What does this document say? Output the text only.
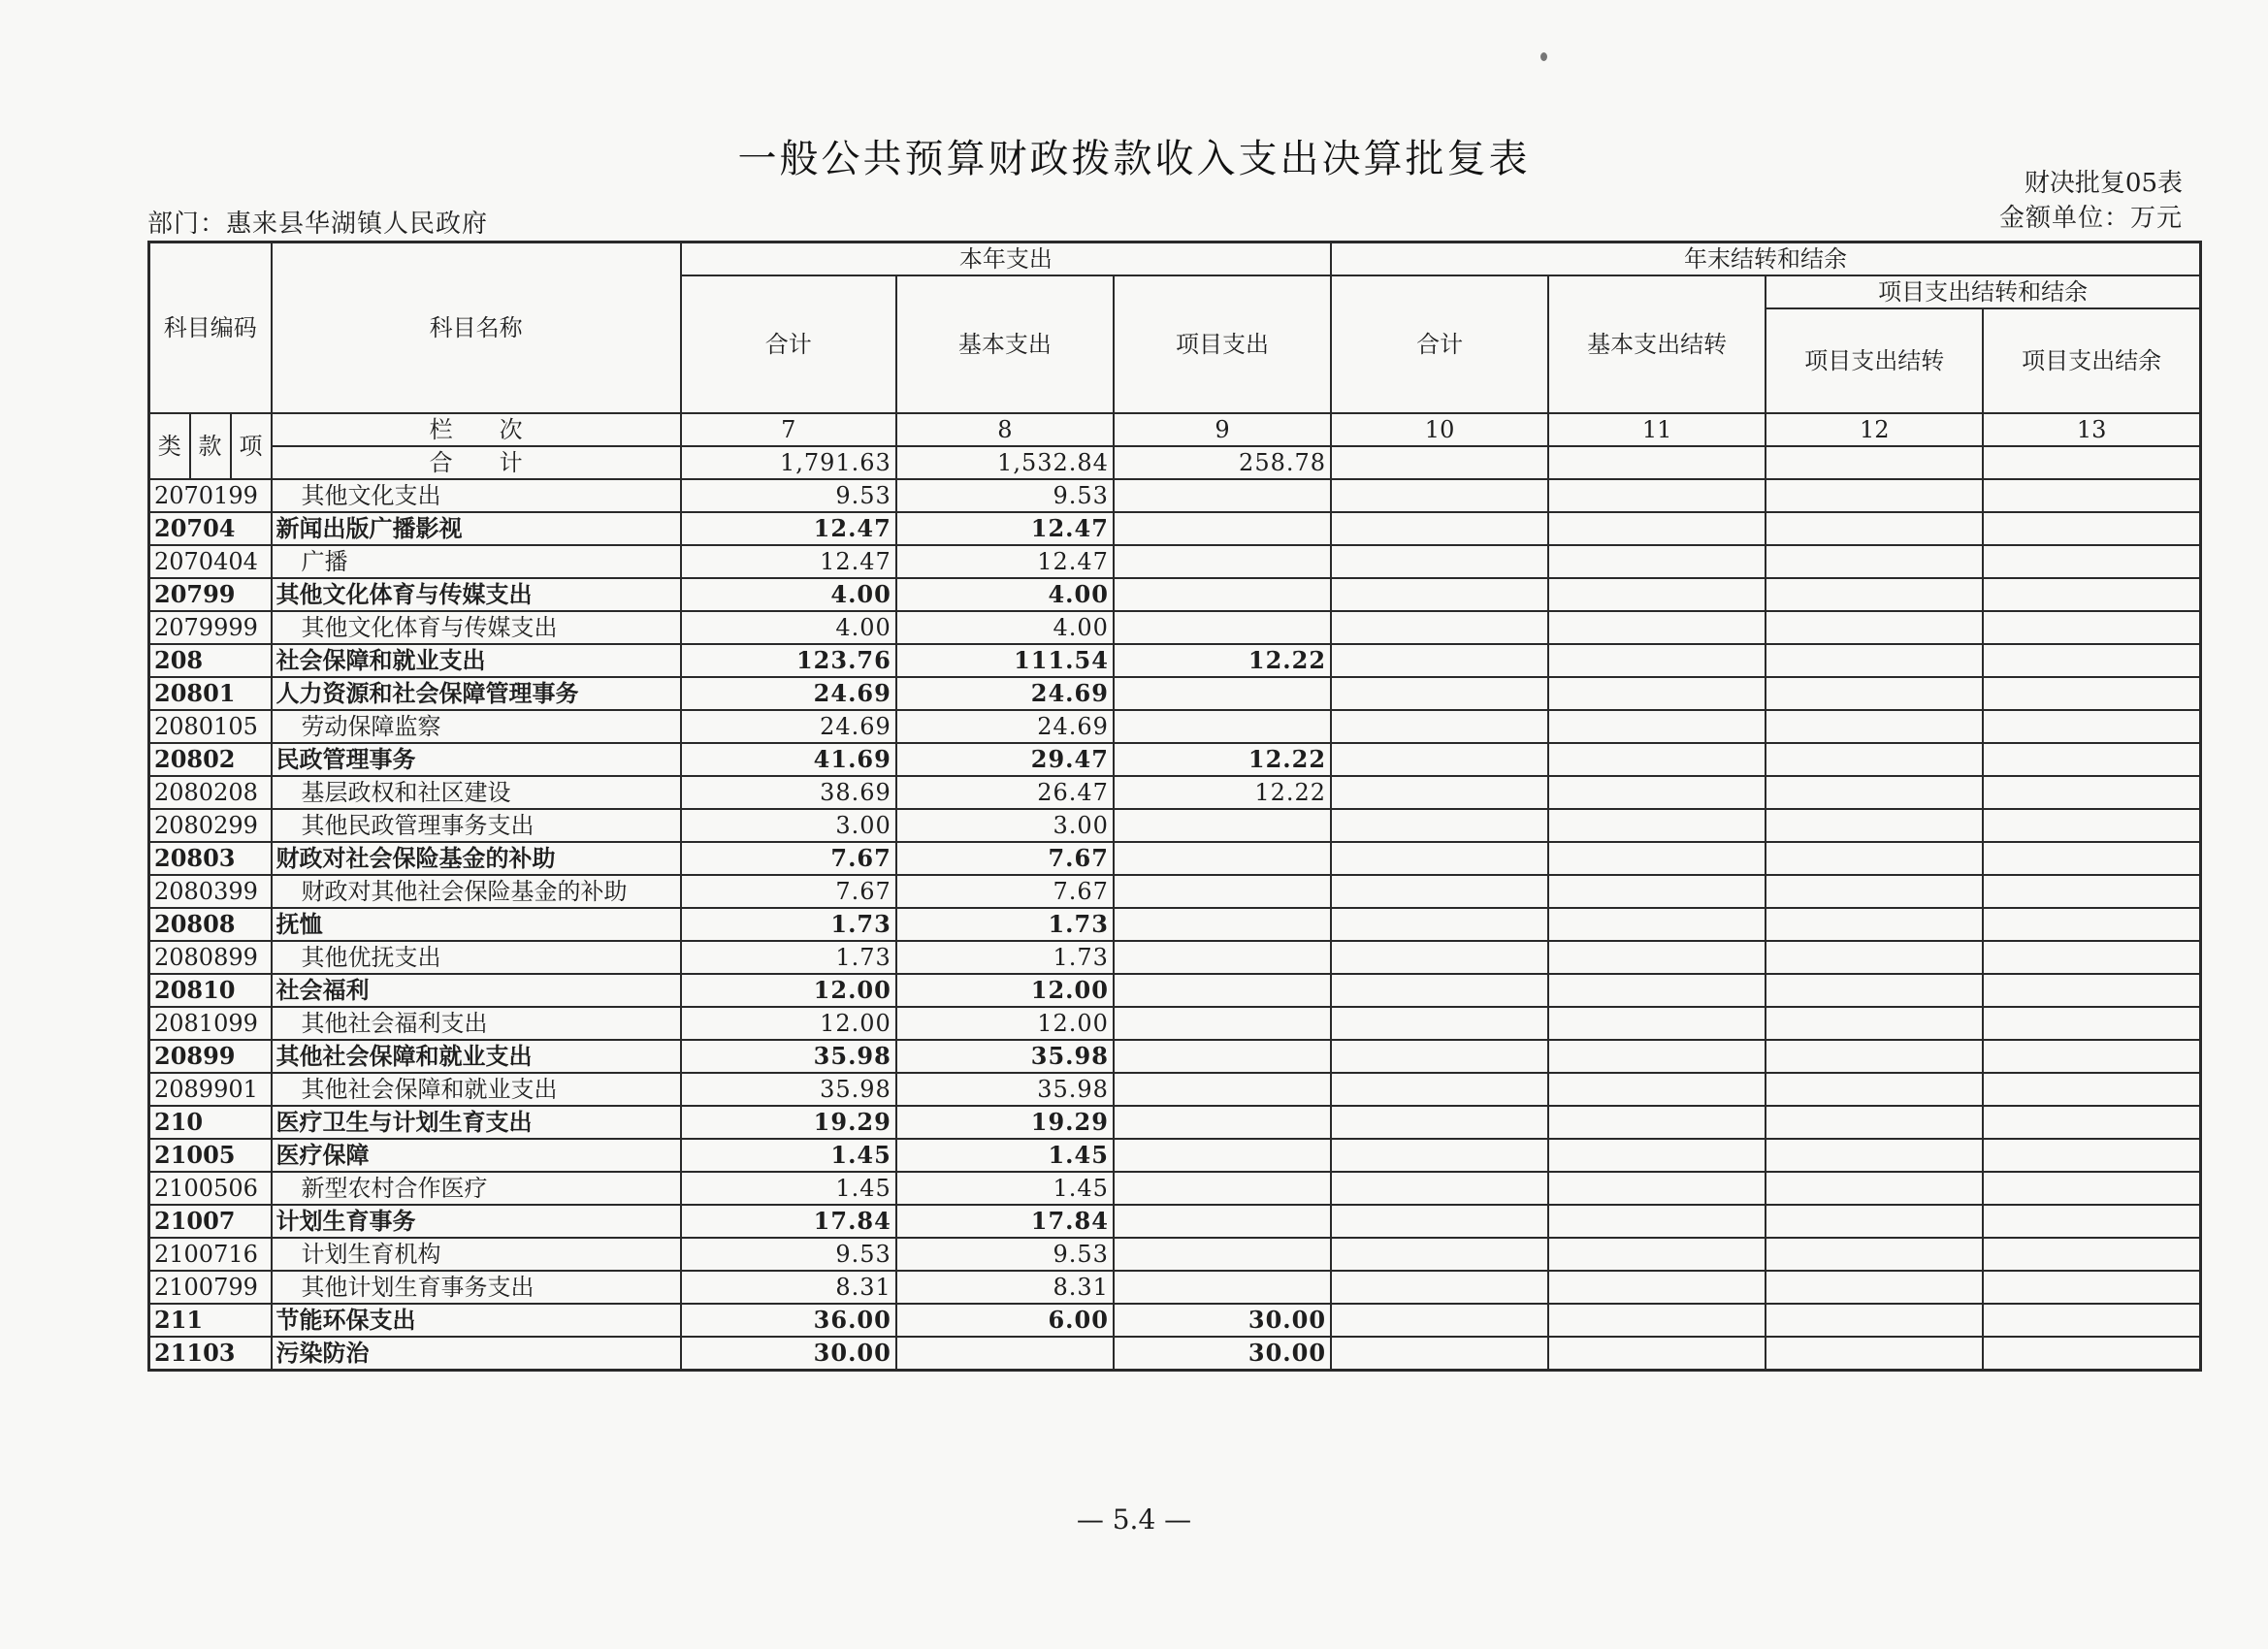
一般公共预算财政拨款收入支出决算批复表
财决批复05表
部门：惠来县华湖镇人民政府	金额单位：万元
科目编码			科目名称	本年支出			年末结转和结余			
				合计	基本支出	项目支出	合计	基本支出结转	项目支出结转和结余	
									项目支出结转	项目支出结余
类	款	项	栏　　次	7	8	9	10	11	12	13
			合　　计	1,791.63	1,532.84	258.78				
2070199			其他文化支出	9.53	9.53					
20704			新闻出版广播影视	12.47	12.47					
2070404			广播	12.47	12.47					
20799			其他文化体育与传媒支出	4.00	4.00					
2079999			其他文化体育与传媒支出	4.00	4.00					
208			社会保障和就业支出	123.76	111.54	12.22				
20801			人力资源和社会保障管理事务	24.69	24.69					
2080105			劳动保障监察	24.69	24.69					
20802			民政管理事务	41.69	29.47	12.22				
2080208			基层政权和社区建设	38.69	26.47	12.22				
2080299			其他民政管理事务支出	3.00	3.00					
20803			财政对社会保险基金的补助	7.67	7.67					
2080399			财政对其他社会保险基金的补助	7.67	7.67					
20808			抚恤	1.73	1.73					
2080899			其他优抚支出	1.73	1.73					
20810			社会福利	12.00	12.00					
2081099			其他社会福利支出	12.00	12.00					
20899			其他社会保障和就业支出	35.98	35.98					
2089901			其他社会保障和就业支出	35.98	35.98					
210			医疗卫生与计划生育支出	19.29	19.29					
21005			医疗保障	1.45	1.45					
2100506			新型农村合作医疗	1.45	1.45					
21007			计划生育事务	17.84	17.84					
2100716			计划生育机构	9.53	9.53					
2100799			其他计划生育事务支出	8.31	8.31					
211			节能环保支出	36.00	6.00	30.00				
21103			污染防治	30.00		30.00				
— 5.4 —
